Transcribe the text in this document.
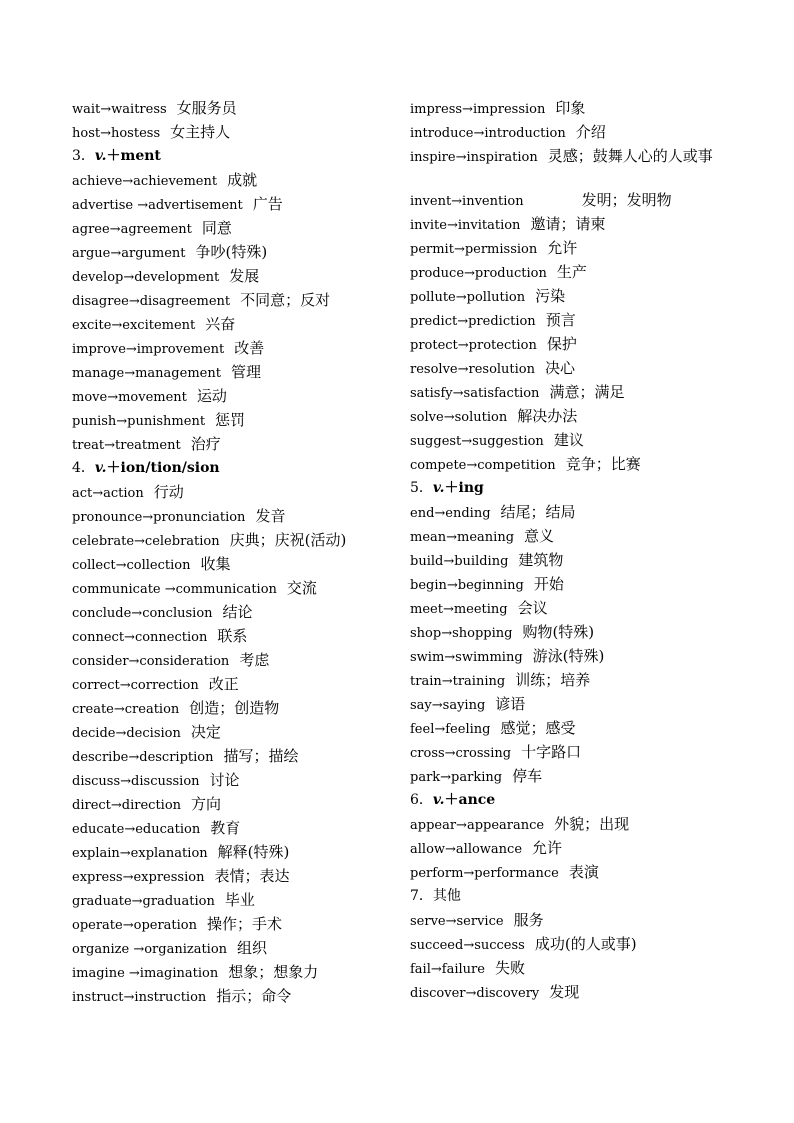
wait→waitress 女服务员
host→hostess 女主持人
3．v.＋ment
achieve→achievement 成就
advertise →advertisement 广告
agree→agreement 同意
argue→argument 争吵(特殊)
develop→development 发展
disagree→disagreement 不同意；反对
excite→excitement 兴奋
improve→improvement 改善
manage→management 管理
move→movement 运动
punish→punishment 惩罚
treat→treatment 治疗
4．v.＋ion/tion/sion
act→action 行动
pronounce→pronunciation 发音
celebrate→celebration 庆典；庆祝(活动)
collect→collection 收集
communicate →communication 交流
conclude→conclusion 结论
connect→connection 联系
consider→consideration 考虑
correct→correction 改正
create→creation 创造；创造物
decide→decision 决定
describe→description 描写；描绘
discuss→discussion 讨论
direct→direction 方向
educate→education 教育
explain→explanation 解释(特殊)
express→expression 表情；表达
graduate→graduation 毕业
operate→operation 操作；手术
organize →organization 组织
imagine →imagination 想象；想象力
instruct→instruction 指示；命令
impress→impression 印象
introduce→introduction 介绍
inspire→inspiration 灵感；鼓舞人心的人或事
invent→invention	发明；发明物
invite→invitation 邀请；请柬
permit→permission 允许
produce→production 生产
pollute→pollution 污染
predict→prediction 预言
protect→protection 保护
resolve→resolution 决心
satisfy→satisfaction 满意；满足
solve→solution 解决办法
suggest→suggestion 建议
compete→competition 竞争；比赛
5．v.＋ing
end→ending 结尾；结局
mean→meaning 意义
build→building 建筑物
begin→beginning 开始
meet→meeting 会议
shop→shopping 购物(特殊)
swim→swimming 游泳(特殊)
train→training 训练；培养
say→saying 谚语
feel→feeling 感觉；感受
cross→crossing 十字路口
park→parking 停车
6．v.＋ance
appear→appearance 外貌；出现
allow→allowance 允许
perform→performance 表演
7．其他
serve→service 服务
succeed→success 成功(的人或事)
fail→failure 失败
discover→discovery 发现
